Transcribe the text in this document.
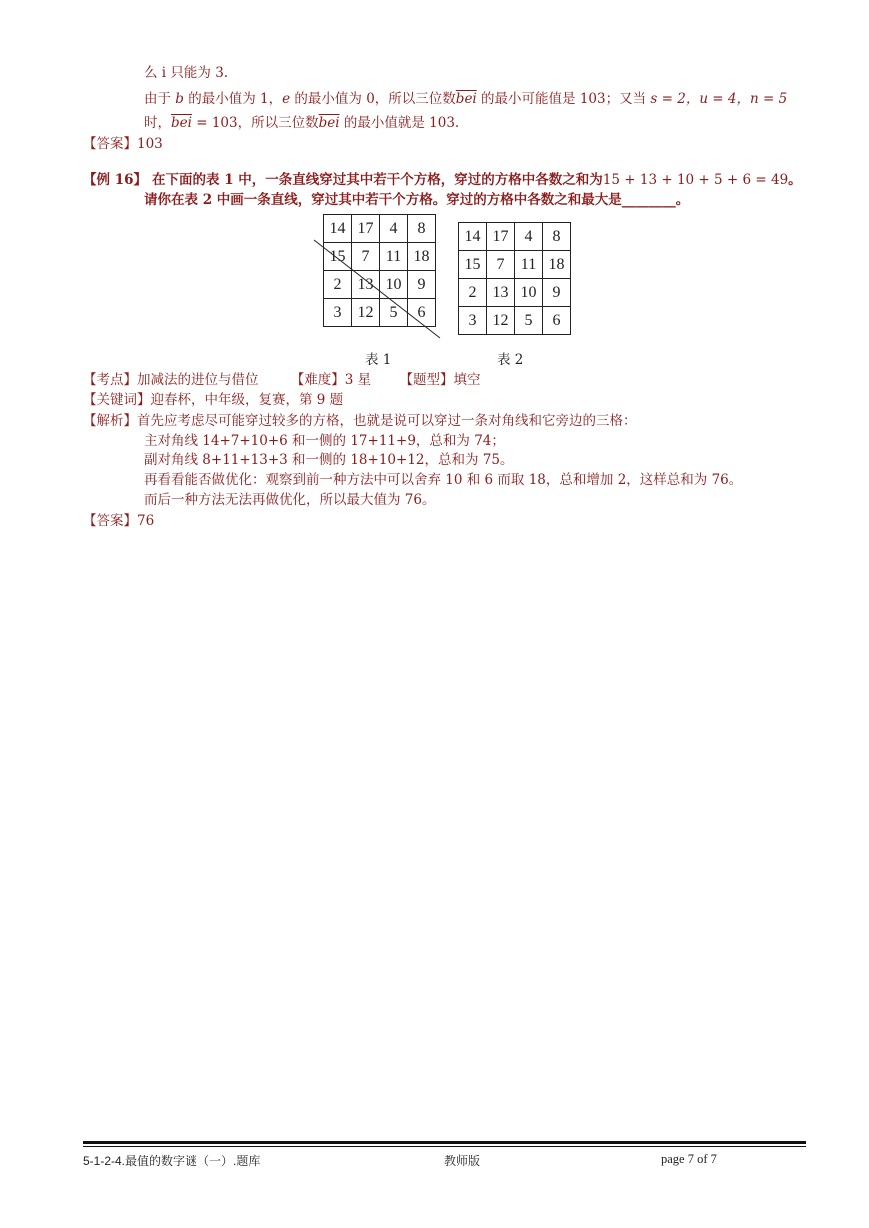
么 i 只能为 3.
由于 b 的最小值为 1，e 的最小值为 0，所以三位数$\overline{bei}$ 的最小可能值是 103；又当 s = 2，u = 4，n = 5
时，$\overline{bei} = 103$，所以三位数$\overline{bei}$ 的最小值就是 103.
【答案】103
【例 16】 在下面的表 1 中，一条直线穿过其中若干个方格，穿过的方格中各数之和为15 + 13 + 10 + 5 + 6 = 49。
请你在表 2 中画一条直线，穿过其中若干个方格。穿过的方格中各数之和最大是________。
14	17	4	8
15	7	11	18
2	13	10	9
3	12	5	6
14	17	4	8
15	7	11	18
2	13	10	9
3	12	5	6
表 1	表 2
【考点】加减法的进位与借位 【难度】3 星 【题型】填空
【关键词】迎春杯，中年级，复赛，第 9 题
【解析】首先应考虑尽可能穿过较多的方格，也就是说可以穿过一条对角线和它旁边的三格：
主对角线 14+7+10+6 和一侧的 17+11+9，总和为 74；
副对角线 8+11+13+3 和一侧的 18+10+12，总和为 75。
再看看能否做优化：观察到前一种方法中可以舍弃 10 和 6 而取 18，总和增加 2，这样总和为 76。
而后一种方法无法再做优化，所以最大值为 76。
【答案】76
5-1-2-4.最值的数字谜（一）.题库	教师版	page 7 of 7
